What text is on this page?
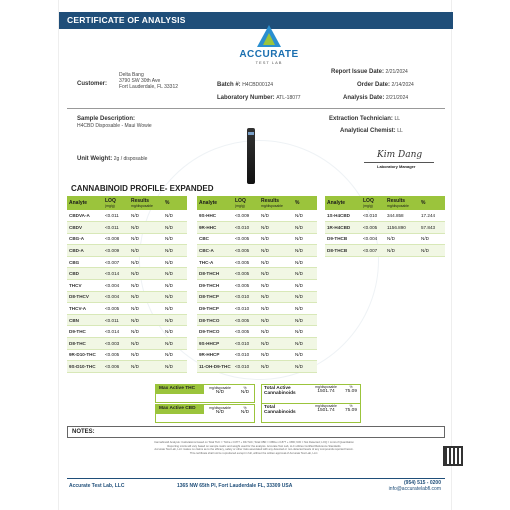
CERTIFICATE OF ANALYSIS
ACCURATE
TEST LAB
Customer:
Delta Bang
3790 SW 30th Ave
Fort Lauderdale, FL 33312	Batch #: H4CBD00124
Laboratory Number: ATL-18077
Report Issue Date: 2/21/2024
Order Date: 2/14/2024
Analysis Date: 2/21/2024
Sample Description:
H4CBD Disposable - Maui Wowie
Unit Weight: 2g / disposable
Extraction Technician: LL
Analytical Chemist: LL
Kim Dang
Laboratory Manager
CANNABINOID PROFILE- EXPANDED
Analyte	LOQ
(mg/g)	Results
mg/disposable	%
CBDVA-A	<0.011	N/D	N/D
CBDV	<0.011	N/D	N/D
CBG-A	<0.008	N/D	N/D
CBD-A	<0.009	N/D	N/D
CBG	<0.007	N/D	N/D
CBD	<0.014	N/D	N/D
THCV	<0.004	N/D	N/D
D8-THCV	<0.004	N/D	N/D
THCV-A	<0.005	N/D	N/D
CBN	<0.011	N/D	N/D
D9-THC	<0.014	N/D	N/D
D8-THC	<0.003	N/D	N/D
9R-D10-THC	<0.005	N/D	N/D
9S-D10-THC	<0.006	N/D	N/D
Analyte	LOQ
(mg/g)	Results
mg/disposable	%
9S-HHC	<0.009	N/D	N/D
9R-HHC	<0.010	N/D	N/D
CBC	<0.005	N/D	N/D
CBC-A	<0.005	N/D	N/D
THC-A	<0.005	N/D	N/D
D8-THCH	<0.005	N/D	N/D
D9-THCH	<0.005	N/D	N/D
D8-THCP	<0.010	N/D	N/D
D9-THCP	<0.010	N/D	N/D
D8-THCO	<0.005	N/D	N/D
D9-THCO	<0.005	N/D	N/D
9S-HHCP	<0.010	N/D	N/D
9R-HHCP	<0.010	N/D	N/D
11-OH-D9-THC	<0.010	N/D	N/D
Analyte	LOQ
(mg/g)	Results
mg/disposable	%
1S-H4CBD	<0.010	344.858	17.244
1R-H4CBD	<0.005	1156.890	57.843
D9-THCB	<0.004	N/D	N/D
D8-THCB	<0.007	N/D	N/D
Max Active THC	mg/disposable
N/D
%
N/D
Max Active CBD	mg/disposable
N/D
%
N/D
Total Active Cannabinoids
mg/disposable
1501.74
%
75.09
Total Cannabinoids
mg/disposable
1501.74
%
75.09
NOTES:
Cannabinoid Analysis: Calculations based on Total THC = THCa x 0.877 + D9-THC; Total CBD = CBDa x 0.877 + CBD; N/D = Not Detected; LOQ = Limit of Quantitation
Reporting Limits will vary based on sample matrix and weight used for the analysis. Accurate Test Lab, LLC utilizes Certified Reference Standards
Accurate Test Lab, LLC makes no claims as to the efficacy, safety or other risks associated with any detected or non-detected levels of any compounds reported herein.
This certificate shall not be reproduced except in full, without the written approval of Accurate Test Lab, LLC.
Accurate Test Lab, LLC	1365 NW 65th Pl, Fort Lauderdale FL, 33309 USA	(954) 515 - 0200
info@accuratelabfl.com
